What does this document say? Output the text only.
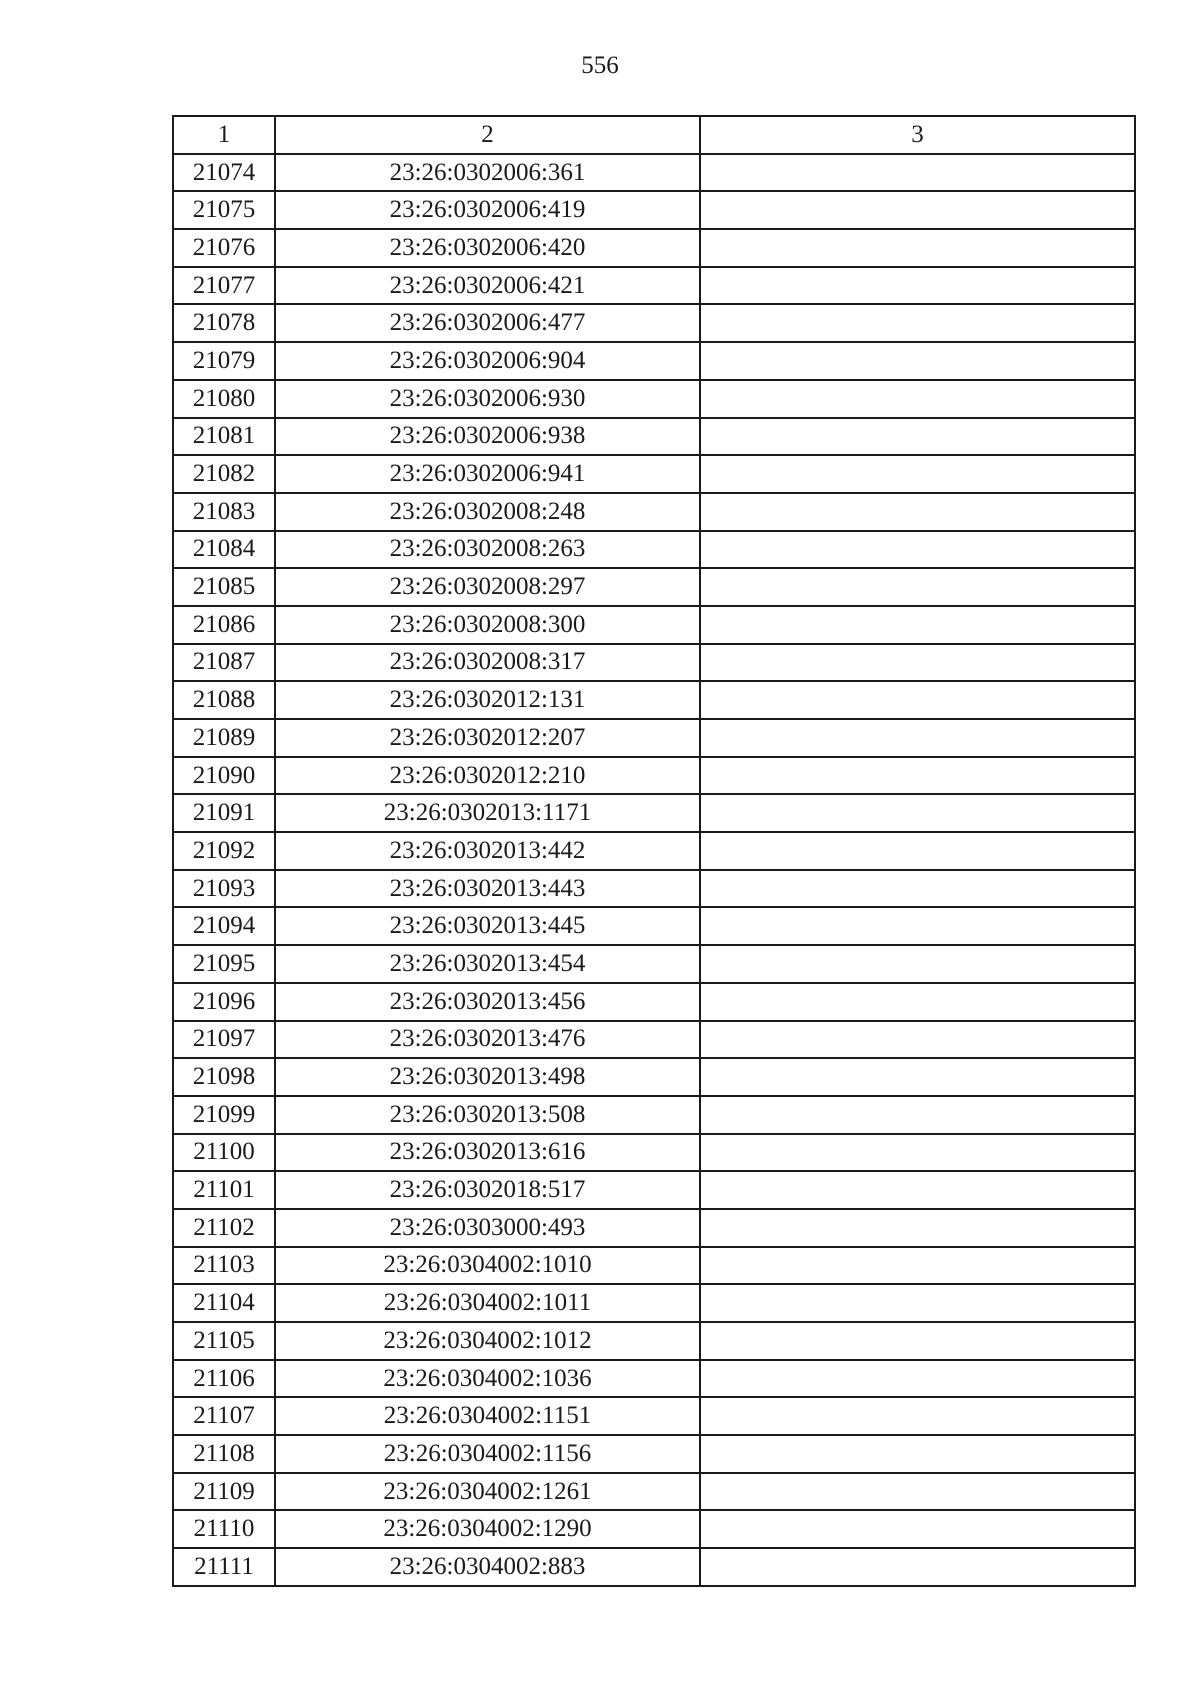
556
1	2	3
21074	23:26:0302006:361	
21075	23:26:0302006:419	
21076	23:26:0302006:420	
21077	23:26:0302006:421	
21078	23:26:0302006:477	
21079	23:26:0302006:904	
21080	23:26:0302006:930	
21081	23:26:0302006:938	
21082	23:26:0302006:941	
21083	23:26:0302008:248	
21084	23:26:0302008:263	
21085	23:26:0302008:297	
21086	23:26:0302008:300	
21087	23:26:0302008:317	
21088	23:26:0302012:131	
21089	23:26:0302012:207	
21090	23:26:0302012:210	
21091	23:26:0302013:1171	
21092	23:26:0302013:442	
21093	23:26:0302013:443	
21094	23:26:0302013:445	
21095	23:26:0302013:454	
21096	23:26:0302013:456	
21097	23:26:0302013:476	
21098	23:26:0302013:498	
21099	23:26:0302013:508	
21100	23:26:0302013:616	
21101	23:26:0302018:517	
21102	23:26:0303000:493	
21103	23:26:0304002:1010	
21104	23:26:0304002:1011	
21105	23:26:0304002:1012	
21106	23:26:0304002:1036	
21107	23:26:0304002:1151	
21108	23:26:0304002:1156	
21109	23:26:0304002:1261	
21110	23:26:0304002:1290	
21111	23:26:0304002:883	
